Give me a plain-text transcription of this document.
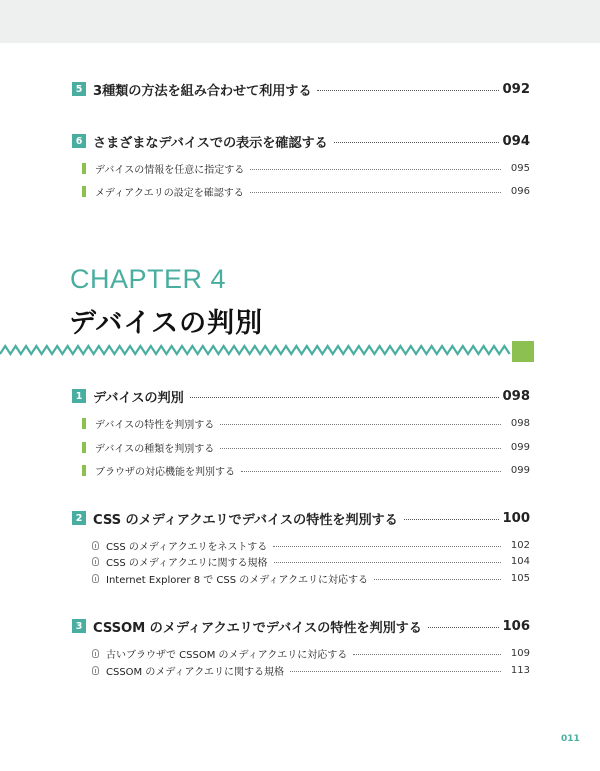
5 3種類の方法を組み合わせて利用する	092
6 さまざまなデバイスでの表示を確認する	094
デバイスの情報を任意に指定する	095
メディアクエリの設定を確認する	096
CHAPTER 4
デバイスの判別
1 デバイスの判別	098
デバイスの特性を判別する	098
デバイスの種類を判別する	099
ブラウザの対応機能を判別する	099
2 CSS のメディアクエリでデバイスの特性を判別する	100
CSS のメディアクエリをネストする	102
CSS のメディアクエリに関する規格	104
Internet Explorer 8 で CSS のメディアクエリに対応する	105
3 CSSOM のメディアクエリでデバイスの特性を判別する	106
古いブラウザで CSSOM のメディアクエリに対応する	109
CSSOM のメディアクエリに関する規格	113
011
